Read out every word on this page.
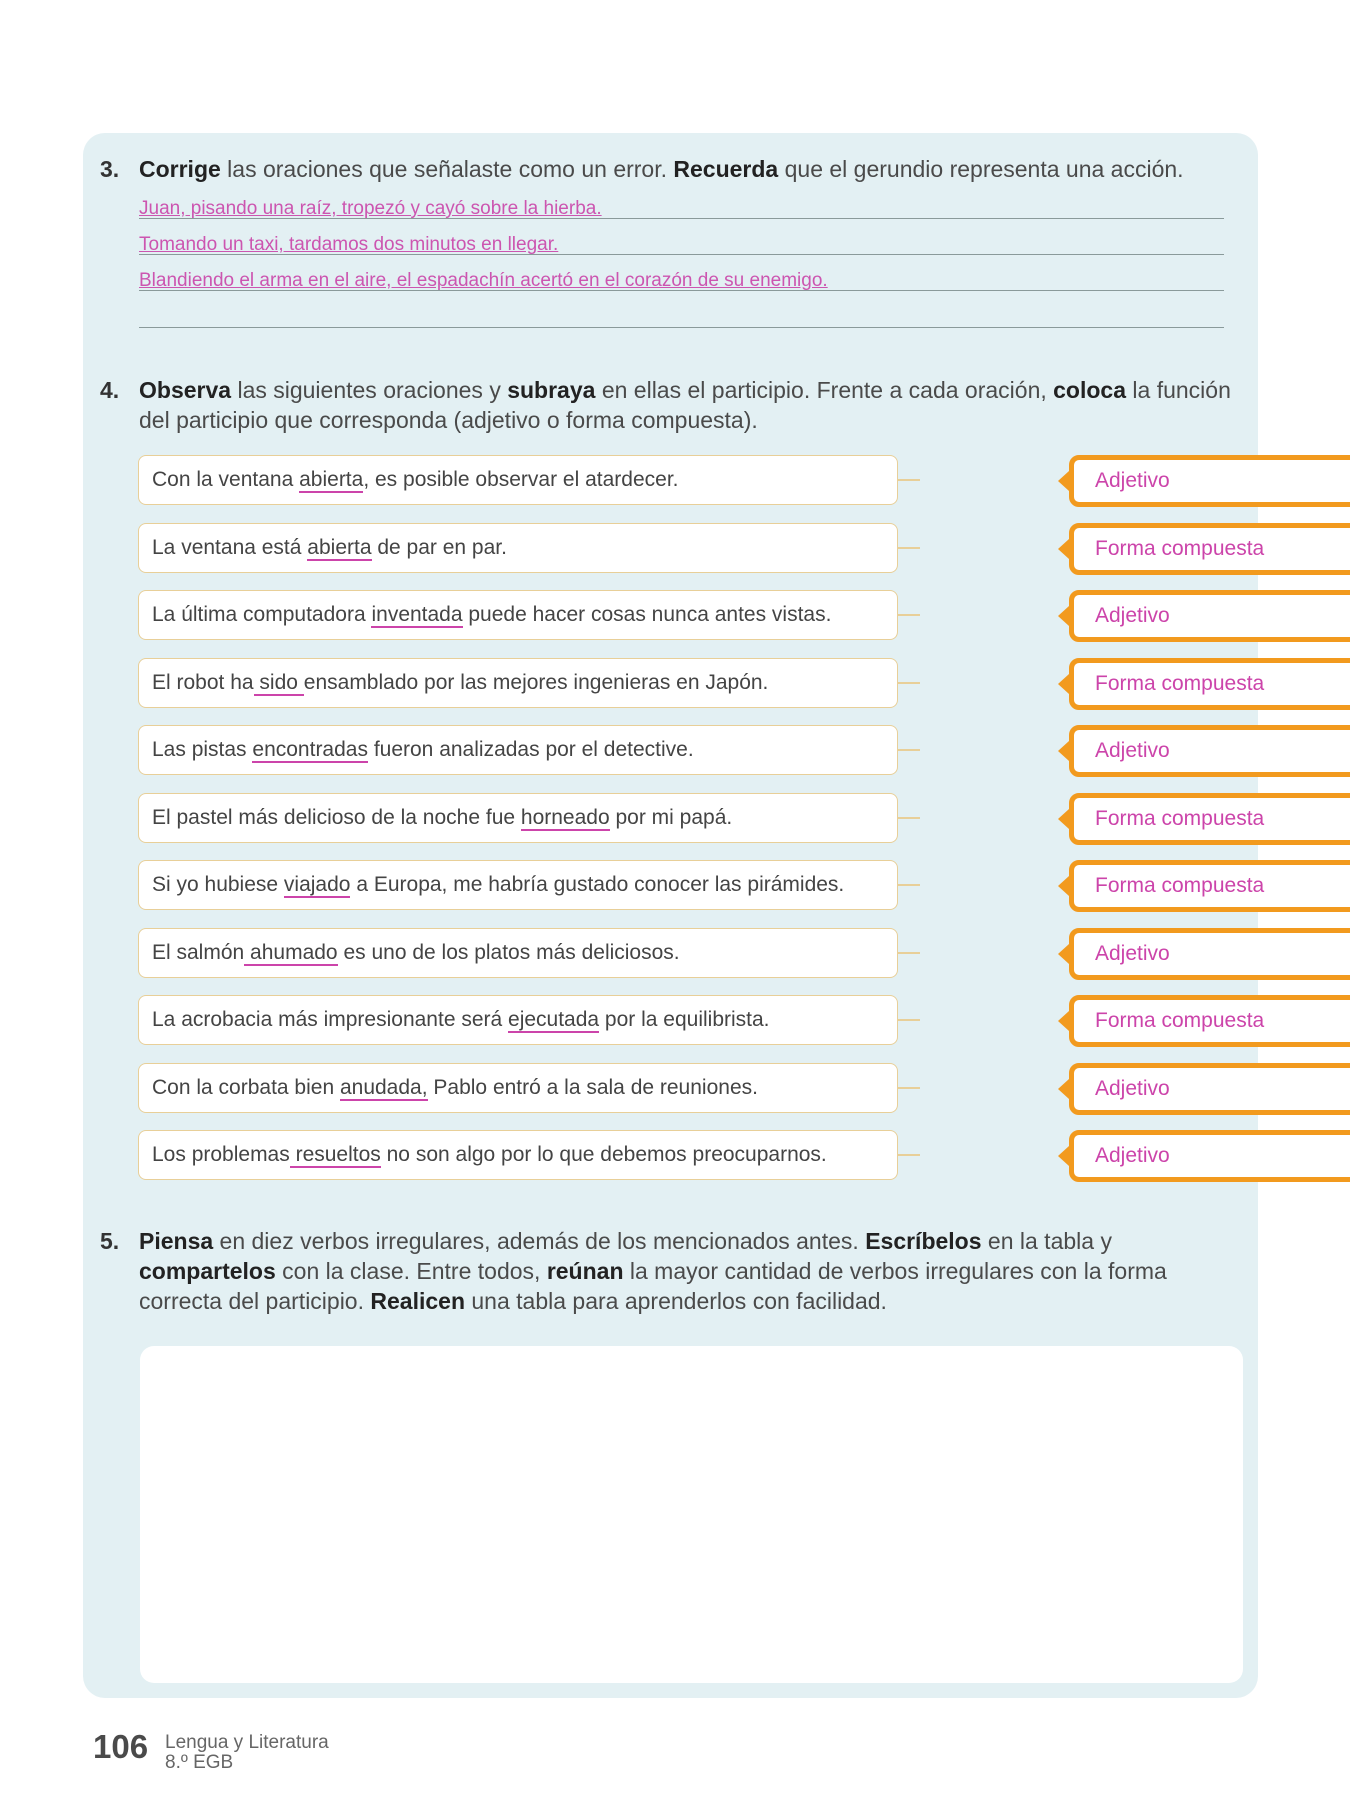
3. Corrige las oraciones que señalaste como un error. Recuerda que el gerundio representa una acción.
Juan, pisando una raíz, tropezó y cayó sobre la hierba.
Tomando un taxi, tardamos dos minutos en llegar.
Blandiendo el arma en el aire, el espadachín acertó en el corazón de su enemigo.
4. Observa las siguientes oraciones y subraya en ellas el participio. Frente a cada oración, coloca la función del participio que corresponda (adjetivo o forma compuesta).
Con la ventana abierta, es posible observar el atardecer.	Adjetivo
La ventana está abierta de par en par.	Forma compuesta
La última computadora inventada puede hacer cosas nunca antes vistas.	Adjetivo
El robot ha sido ensamblado por las mejores ingenieras en Japón.	Forma compuesta
Las pistas encontradas fueron analizadas por el detective.	Adjetivo
El pastel más delicioso de la noche fue horneado por mi papá.	Forma compuesta
Si yo hubiese viajado a Europa, me habría gustado conocer las pirámides.	Forma compuesta
El salmón ahumado es uno de los platos más deliciosos.	Adjetivo
La acrobacia más impresionante será ejecutada por la equilibrista.	Forma compuesta
Con la corbata bien anudada, Pablo entró a la sala de reuniones.	Adjetivo
Los problemas resueltos no son algo por lo que debemos preocuparnos.	Adjetivo
5. Piensa en diez verbos irregulares, además de los mencionados antes. Escríbelos en la tabla y compartelos con la clase. Entre todos, reúnan la mayor cantidad de verbos irregulares con la forma correcta del participio. Realicen una tabla para aprenderlos con facilidad.
106 Lengua y Literatura
8.º EGB
